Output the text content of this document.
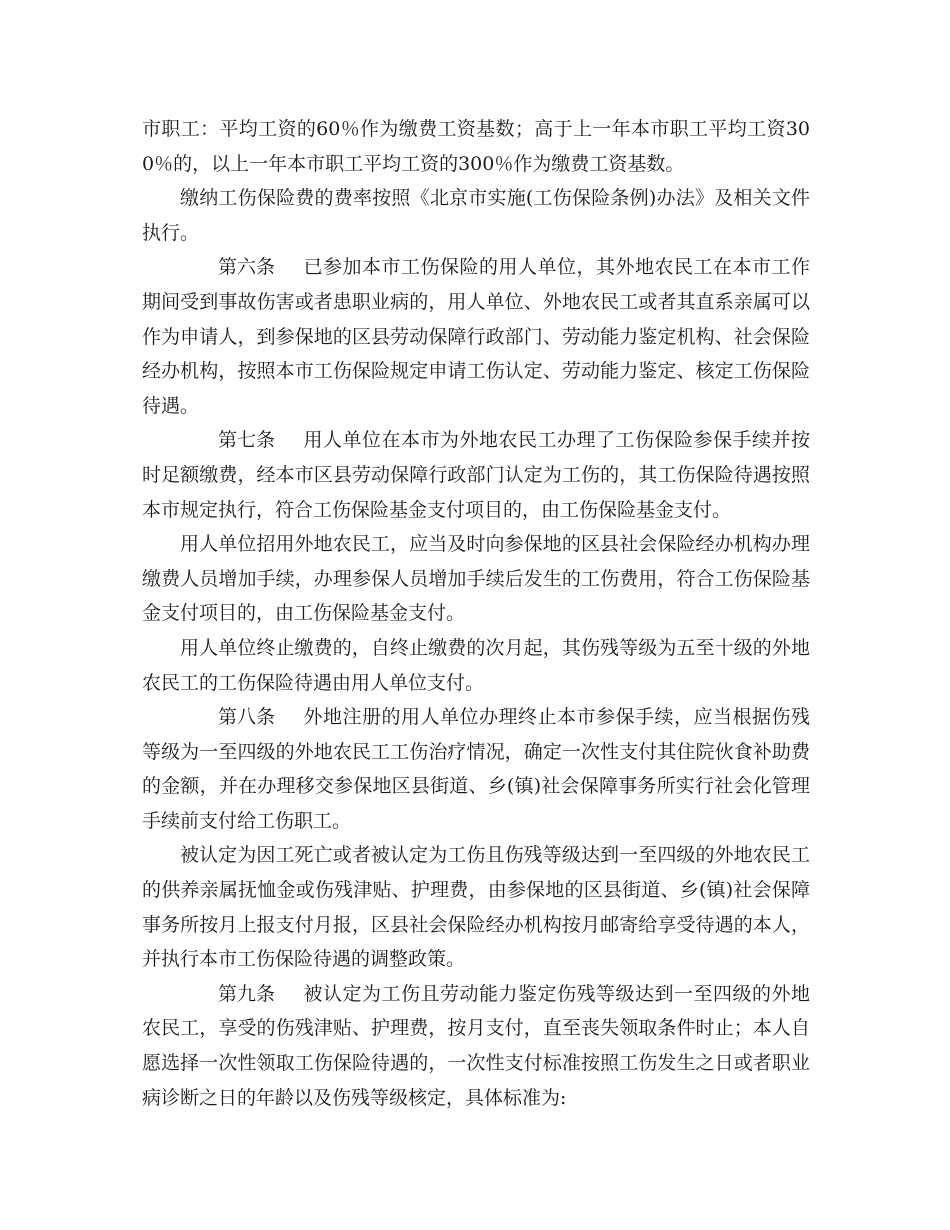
市职工：平均工资的60％作为缴费工资基数；高于上一年本市职工平均工资300％的，以上一年本市职工平均工资的300％作为缴费工资基数。

缴纳工伤保险费的费率按照《北京市实施(工伤保险条例)办法》及相关文件执行。

第六条 已参加本市工伤保险的用人单位，其外地农民工在本市工作期间受到事故伤害或者患职业病的，用人单位、外地农民工或者其直系亲属可以作为申请人，到参保地的区县劳动保障行政部门、劳动能力鉴定机构、社会保险经办机构，按照本市工伤保险规定申请工伤认定、劳动能力鉴定、核定工伤保险待遇。

第七条 用人单位在本市为外地农民工办理了工伤保险参保手续并按时足额缴费，经本市区县劳动保障行政部门认定为工伤的，其工伤保险待遇按照本市规定执行，符合工伤保险基金支付项目的，由工伤保险基金支付。

用人单位招用外地农民工，应当及时向参保地的区县社会保险经办机构办理缴费人员增加手续，办理参保人员增加手续后发生的工伤费用，符合工伤保险基金支付项目的，由工伤保险基金支付。

用人单位终止缴费的，自终止缴费的次月起，其伤残等级为五至十级的外地农民工的工伤保险待遇由用人单位支付。

第八条 外地注册的用人单位办理终止本市参保手续，应当根据伤残等级为一至四级的外地农民工工伤治疗情况，确定一次性支付其住院伙食补助费的金额，并在办理移交参保地区县街道、乡(镇)社会保障事务所实行社会化管理手续前支付给工伤职工。

被认定为因工死亡或者被认定为工伤且伤残等级达到一至四级的外地农民工的供养亲属抚恤金或伤残津贴、护理费，由参保地的区县街道、乡(镇)社会保障事务所按月上报支付月报，区县社会保险经办机构按月邮寄给享受待遇的本人，并执行本市工伤保险待遇的调整政策。

第九条 被认定为工伤且劳动能力鉴定伤残等级达到一至四级的外地农民工，享受的伤残津贴、护理费，按月支付，直至丧失领取条件时止；本人自愿选择一次性领取工伤保险待遇的，一次性支付标准按照工伤发生之日或者职业病诊断之日的年龄以及伤残等级核定，具体标准为:
